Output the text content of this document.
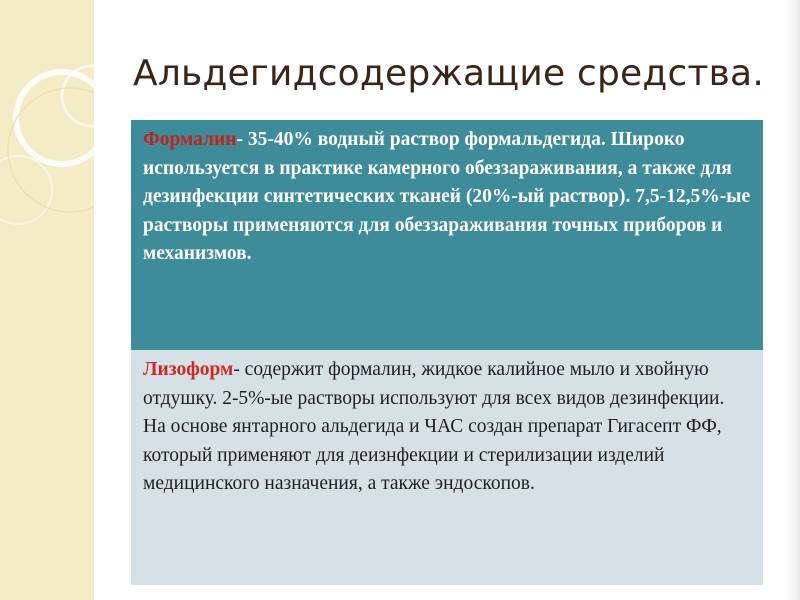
Альдегидсодержащие средства.

Формалин- 35-40% водный раствор формальдегида. Широко используется в практике камерного обеззараживания, а также для дезинфекции синтетических тканей (20%-ый раствор). 7,5-12,5%-ые растворы применяются для обеззараживания точных приборов и механизмов.

Лизоформ- содержит формалин, жидкое калийное мыло и хвойную отдушку. 2-5%-ые растворы используют для всех видов дезинфекции.

На основе янтарного альдегида и ЧАС создан препарат Гигасепт ФФ, который применяют для деизнфекции и стерилизации изделий медицинского назначения, а также эндоскопов.
